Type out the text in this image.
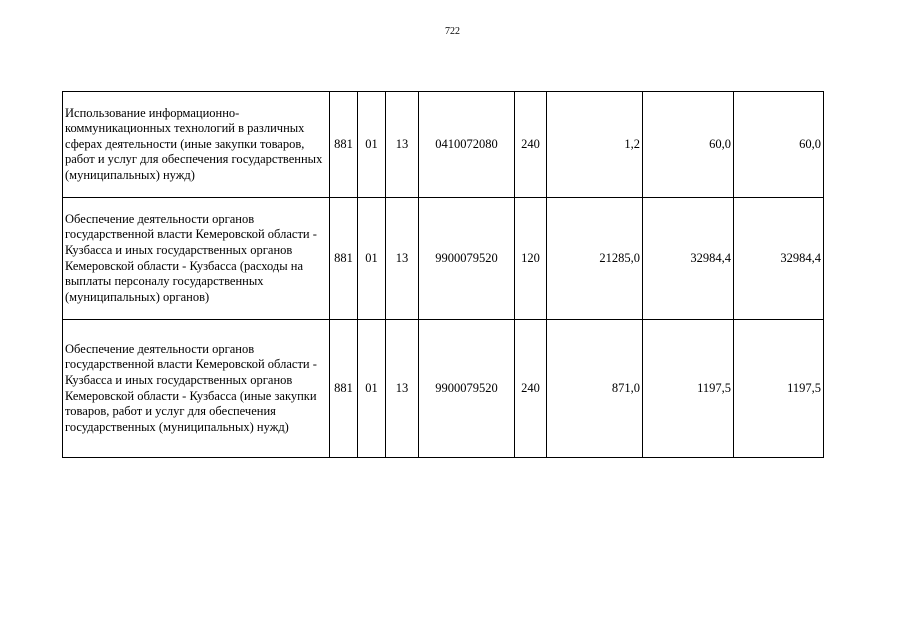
722
Использование информационно-коммуникационных технологий в различных сферах деятельности (иные закупки товаров, работ и услуг для обеспечения государственных (муниципальных) нужд)	881	01	13	0410072080	240	1,2	60,0	60,0
Обеспечение деятельности органов государственной власти Кемеровской области - Кузбасса и иных государственных органов Кемеровской области - Кузбасса (расходы на выплаты персоналу государственных (муниципальных) органов)	881	01	13	9900079520	120	21285,0	32984,4	32984,4
Обеспечение деятельности органов государственной власти Кемеровской области - Кузбасса и иных государственных органов Кемеровской области - Кузбасса (иные закупки товаров, работ и услуг для обеспечения государственных (муниципальных) нужд)	881	01	13	9900079520	240	871,0	1197,5	1197,5
